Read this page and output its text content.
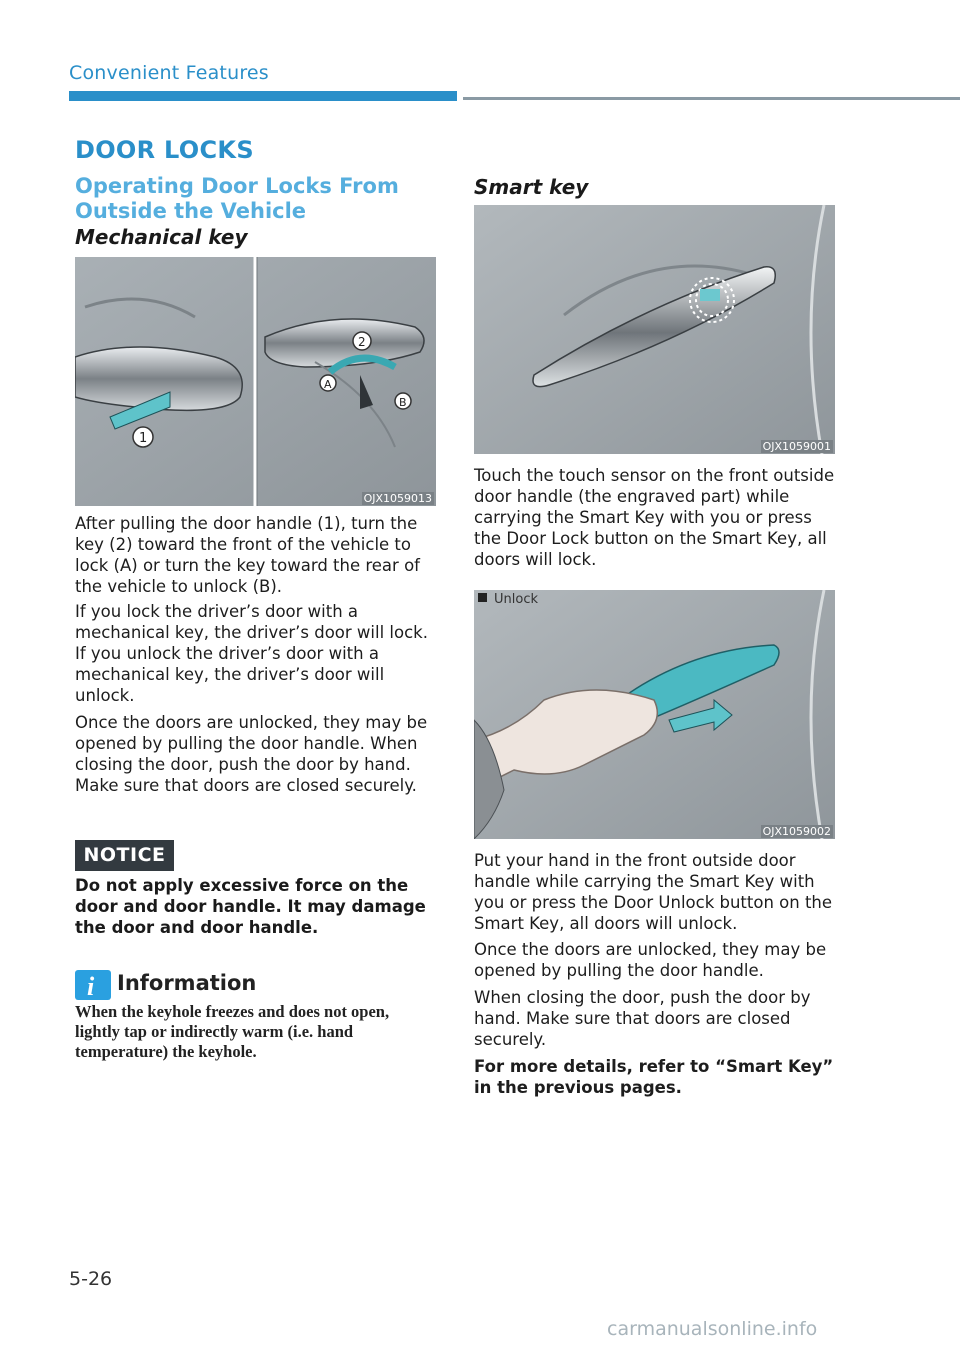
Convenient Features
DOOR LOCKS
Operating Door Locks From Outside the Vehicle
Mechanical key
1
2
A
B
OJX1059013
After pulling the door handle (1), turn the key (2) toward the front of the vehicle to lock (A) or turn the key toward the rear of the vehicle to unlock (B).
If you lock the driver’s door with a mechanical key, the driver’s door will lock. If you unlock the driver’s door with a mechanical key, the driver’s door will unlock.
Once the doors are unlocked, they may be opened by pulling the door handle. When closing the door, push the door by hand. Make sure that doors are closed securely.
NOTICE
Do not apply excessive force on the door and door handle. It may damage the door and door handle.
i Information
When the keyhole freezes and does not open, lightly tap or indirectly warm (i.e. hand temperature) the keyhole.
Smart key
OJX1059001
Touch the touch sensor on the front outside door handle (the engraved part) while carrying the Smart Key with you or press the Door Lock button on the Smart Key, all doors will lock.
OJX1059002
Unlock
Put your hand in the front outside door handle while carrying the Smart Key with you or press the Door Unlock button on the Smart Key, all doors will unlock.
Once the doors are unlocked, they may be opened by pulling the door handle.
When closing the door, push the door by hand. Make sure that doors are closed securely.
For more details, refer to “Smart Key” in the previous pages.
5-26
carmanualsonline.info
